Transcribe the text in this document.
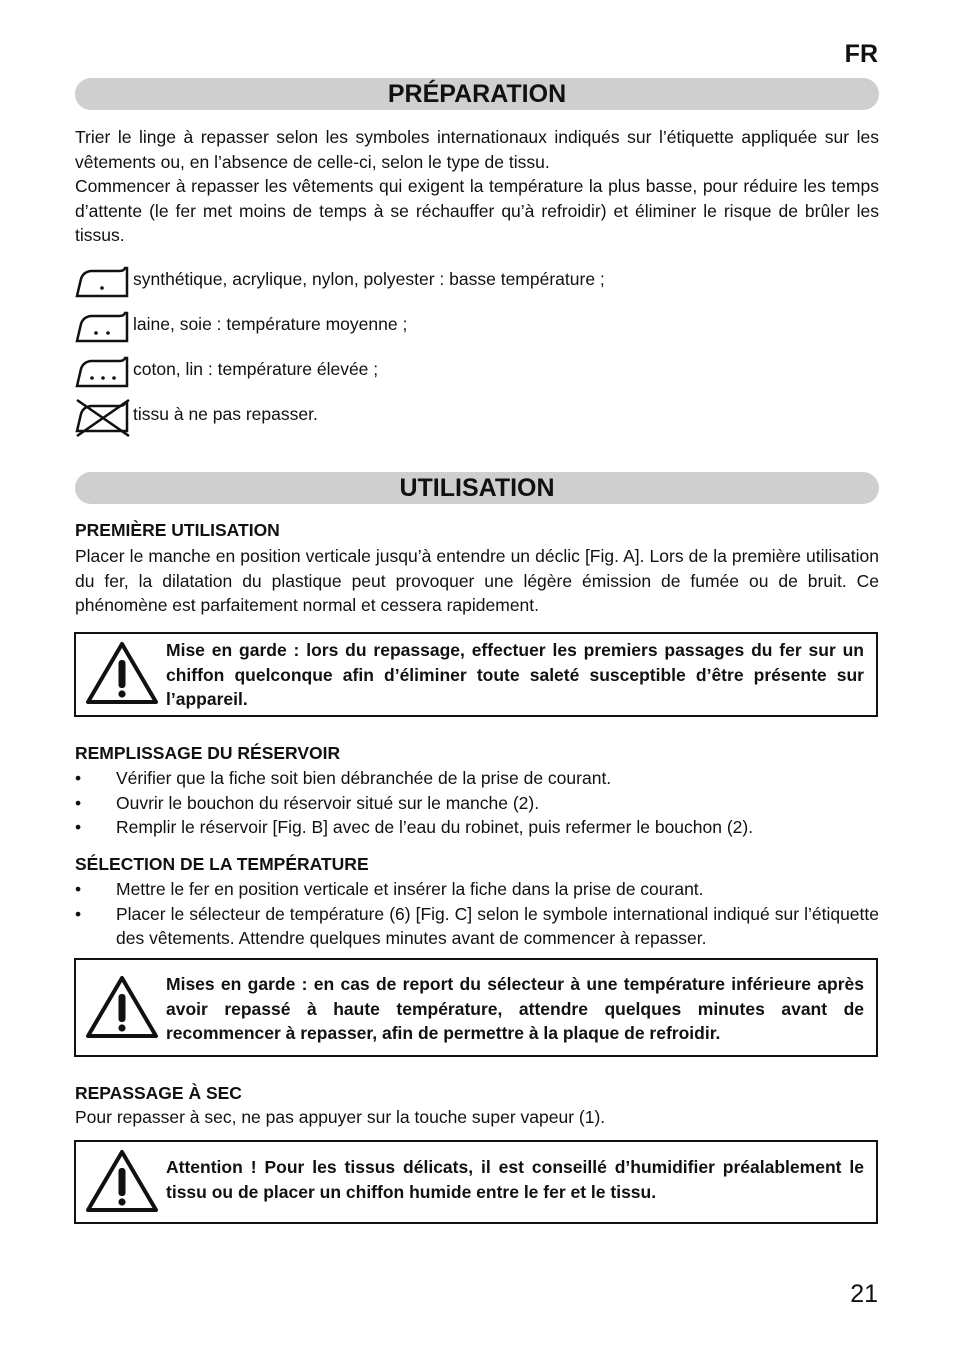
FR
PRÉPARATION

Trier le linge à repasser selon les symboles internationaux indiqués sur l’étiquette appliquée sur les vêtements ou, en l’absence de celle-ci, selon le type de tissu.

Commencer à repasser les vêtements qui exigent la température la plus basse, pour réduire les temps d’attente (le fer met moins de temps à se réchauffer qu’à refroidir) et éliminer le risque de brûler les tissus.

synthétique, acrylique, nylon, polyester : basse température ;
laine, soie : température moyenne ;
coton, lin : température élevée ;
tissu à ne pas repasser.
UTILISATION
PREMIÈRE UTILISATION

Placer le manche en position verticale jusqu’à entendre un déclic [Fig. A]. Lors de la première utilisation du fer, la dilatation du plastique peut provoquer une légère émission de fumée ou de bruit. Ce phénomène est parfaitement normal et cessera rapidement.

Mise en garde : lors du repassage, effectuer les premiers passages du fer sur un chiffon quelconque afin d’éliminer toute saleté susceptible d’être présente sur l’appareil.
REMPLISSAGE DU RÉSERVOIR
• Vérifier que la fiche soit bien débranchée de la prise de courant.
• Ouvrir le bouchon du réservoir situé sur le manche (2).
• Remplir le réservoir [Fig. B] avec de l’eau du robinet, puis refermer le bouchon (2).
SÉLECTION DE LA TEMPÉRATURE
• Mettre le fer en position verticale et insérer la fiche dans la prise de courant.
• Placer le sélecteur de température (6) [Fig. C] selon le symbole international indiqué sur l’étiquette des vêtements. Attendre quelques minutes avant de commencer à repasser.
Mises en garde : en cas de report du sélecteur à une température inférieure après avoir repassé à haute température, attendre quelques minutes avant de recommencer à repasser, afin de permettre à la plaque de refroidir.
REPASSAGE À SEC

Pour repasser à sec, ne pas appuyer sur la touche super vapeur (1).

Attention ! Pour les tissus délicats, il est conseillé d’humidifier préalablement le tissu ou de placer un chiffon humide entre le fer et le tissu.
21
